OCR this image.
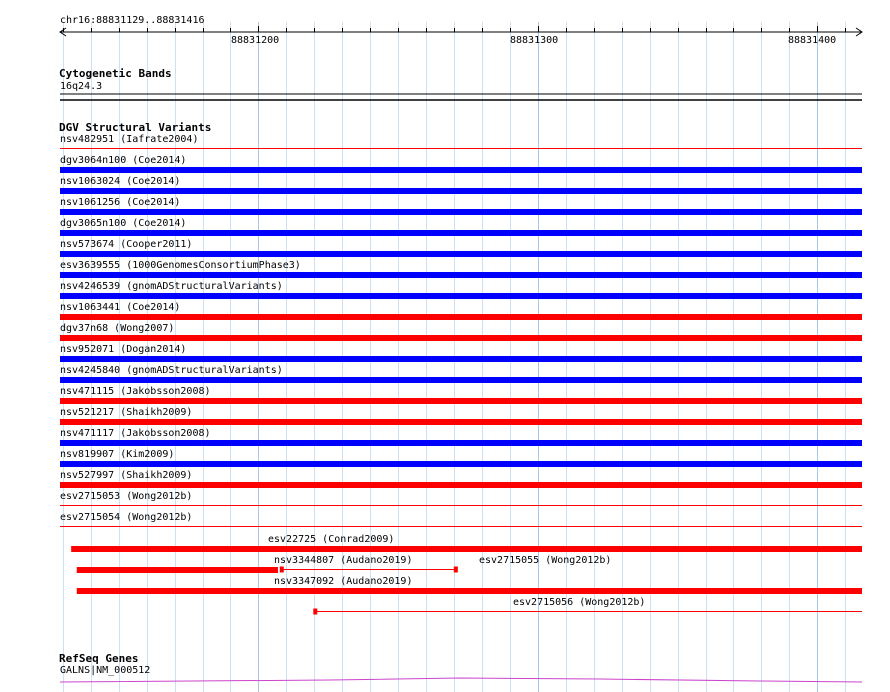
chr16:88831129..88831416
88831200	88831300	88831400
Cytogenetic Bands
16q24.3
DGV Structural Variants
nsv482951 (Iafrate2004)
dgv3064n100 (Coe2014)
nsv1063024 (Coe2014)
nsv1061256 (Coe2014)
dgv3065n100 (Coe2014)
nsv573674 (Cooper2011)
esv3639555 (1000GenomesConsortiumPhase3)
nsv4246539 (gnomADStructuralVariants)
nsv1063441 (Coe2014)
dgv37n68 (Wong2007)
nsv952071 (Dogan2014)
nsv4245840 (gnomADStructuralVariants)
nsv471115 (Jakobsson2008)
nsv521217 (Shaikh2009)
nsv471117 (Jakobsson2008)
nsv819907 (Kim2009)
nsv527997 (Shaikh2009)
esv2715053 (Wong2012b)
esv2715054 (Wong2012b)
esv22725 (Conrad2009)
nsv3344807 (Audano2019)	esv2715055 (Wong2012b)
nsv3347092 (Audano2019)
esv2715056 (Wong2012b)
RefSeq Genes
GALNS|NM_000512
